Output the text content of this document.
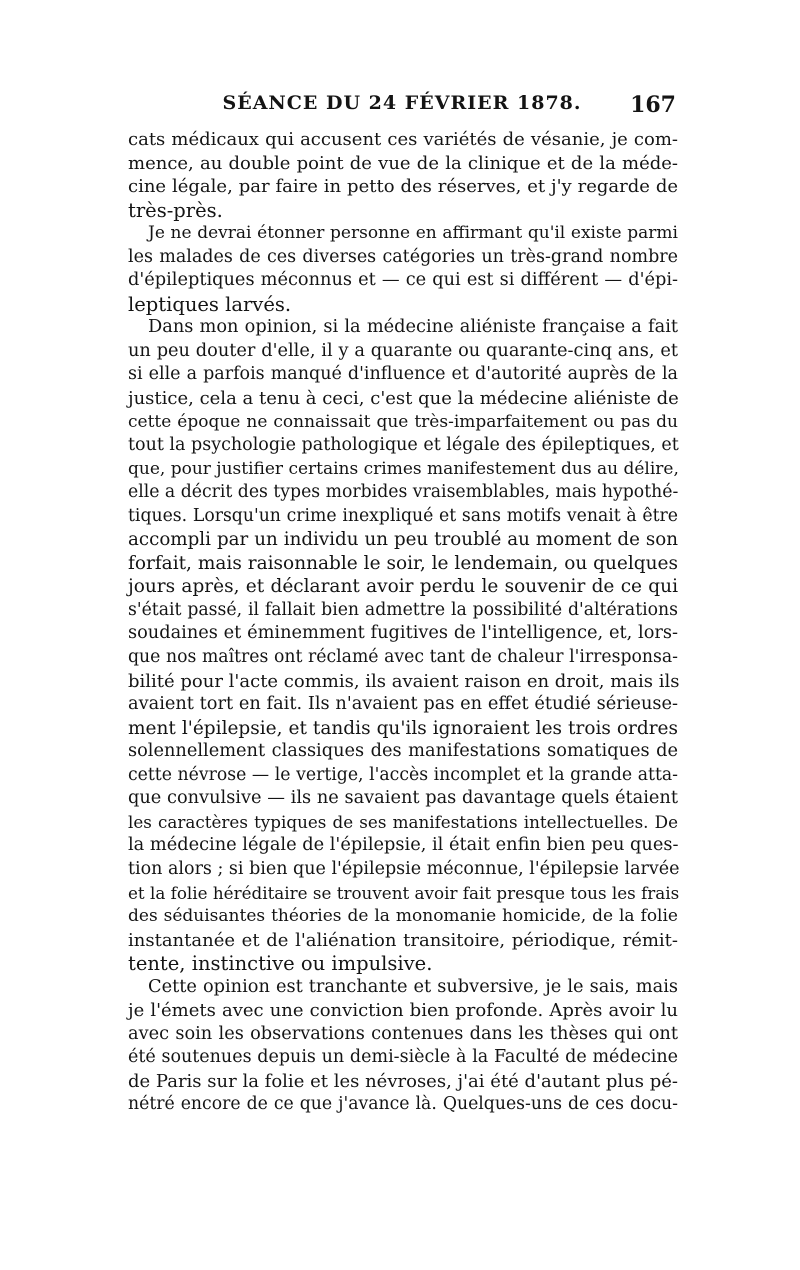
SÉANCE DU 24 FÉVRIER 1878.	167
cats médicaux qui accusent ces variétés de vésanie, je com-
mence, au double point de vue de la clinique et de la méde-
cine légale, par faire in petto des réserves, et j'y regarde de
très-près.
Je ne devrai étonner personne en affirmant qu'il existe parmi
les malades de ces diverses catégories un très-grand nombre
d'épileptiques méconnus et — ce qui est si différent — d'épi-
leptiques larvés.
Dans mon opinion, si la médecine aliéniste française a fait
un peu douter d'elle, il y a quarante ou quarante-cinq ans, et
si elle a parfois manqué d'influence et d'autorité auprès de la
justice, cela a tenu à ceci, c'est que la médecine aliéniste de
cette époque ne connaissait que très-imparfaitement ou pas du
tout la psychologie pathologique et légale des épileptiques, et
que, pour justifier certains crimes manifestement dus au délire,
elle a décrit des types morbides vraisemblables, mais hypothé-
tiques. Lorsqu'un crime inexpliqué et sans motifs venait à être
accompli par un individu un peu troublé au moment de son
forfait, mais raisonnable le soir, le lendemain, ou quelques
jours après, et déclarant avoir perdu le souvenir de ce qui
s'était passé, il fallait bien admettre la possibilité d'altérations
soudaines et éminemment fugitives de l'intelligence, et, lors-
que nos maîtres ont réclamé avec tant de chaleur l'irresponsa-
bilité pour l'acte commis, ils avaient raison en droit, mais ils
avaient tort en fait. Ils n'avaient pas en effet étudié sérieuse-
ment l'épilepsie, et tandis qu'ils ignoraient les trois ordres
solennellement classiques des manifestations somatiques de
cette névrose — le vertige, l'accès incomplet et la grande atta-
que convulsive — ils ne savaient pas davantage quels étaient
les caractères typiques de ses manifestations intellectuelles. De
la médecine légale de l'épilepsie, il était enfin bien peu ques-
tion alors ; si bien que l'épilepsie méconnue, l'épilepsie larvée
et la folie héréditaire se trouvent avoir fait presque tous les frais
des séduisantes théories de la monomanie homicide, de la folie
instantanée et de l'aliénation transitoire, périodique, rémit-
tente, instinctive ou impulsive.
Cette opinion est tranchante et subversive, je le sais, mais
je l'émets avec une conviction bien profonde. Après avoir lu
avec soin les observations contenues dans les thèses qui ont
été soutenues depuis un demi-siècle à la Faculté de médecine
de Paris sur la folie et les névroses, j'ai été d'autant plus pé-
nétré encore de ce que j'avance là. Quelques-uns de ces docu-
